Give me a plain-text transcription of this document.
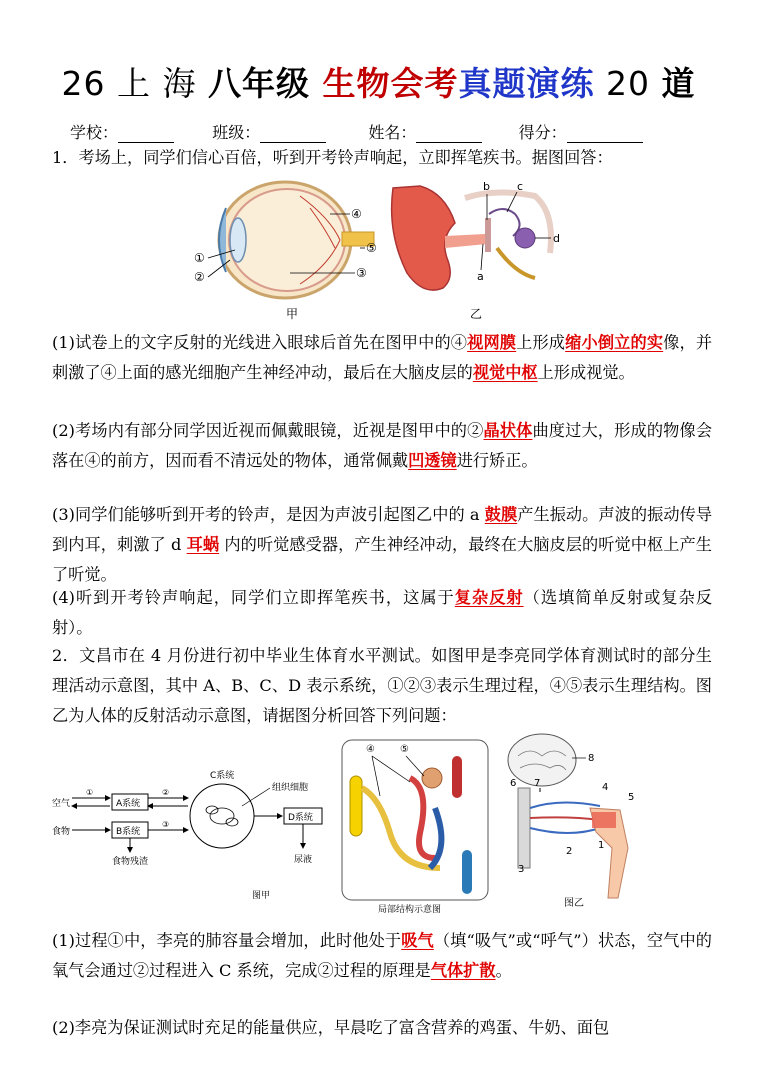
26 上 海 八年级 生物会考真题演练 20 道
学校：	班级：	姓名：	得分：
1．考场上，同学们信心百倍，听到开考铃声响起，立即挥笔疾书。据图回答：
①
②	③
④
⑤
甲
b c
d
a
乙
(1)试卷上的文字反射的光线进入眼球后首先在图甲中的④视网膜上形成缩小倒立的实像，并刺激了④上面的感光细胞产生神经冲动，最后在大脑皮层的视觉中枢上形成视觉。
(2)考场内有部分同学因近视而佩戴眼镜，近视是图甲中的②晶状体曲度过大，形成的物像会落在④的前方，因而看不清远处的物体，通常佩戴凹透镜进行矫正。
(3)同学们能够听到开考的铃声，是因为声波引起图乙中的 a 鼓膜产生振动。声波的振动传导到内耳，刺激了 d 耳蜗 内的听觉感受器，产生神经冲动，最终在大脑皮层的听觉中枢上产生了听觉。
(4)听到开考铃声响起，同学们立即挥笔疾书，这属于复杂反射（选填简单反射或复杂反射）。
2．文昌市在 4 月份进行初中毕业生体育水平测试。如图甲是李亮同学体育测试时的部分生理活动示意图，其中 A、B、C、D 表示系统，①②③表示生理过程，④⑤表示生理结构。图乙为人体的反射活动示意图，请据图分析回答下列问题：
空气
食物
①
A系统
B系统
食物残渣
②
③
C系统
组织细胞
D系统
尿液
图甲
④	⑤
局部结构示意图
8
6 7	4
5
1
2
3
图乙
(1)过程①中，李亮的肺容量会增加，此时他处于吸气（填“吸气”或“呼气”）状态，空气中的氧气会通过②过程进入 C 系统，完成②过程的原理是气体扩散。
(2)李亮为保证测试时充足的能量供应，早晨吃了富含营养的鸡蛋、牛奶、面包
